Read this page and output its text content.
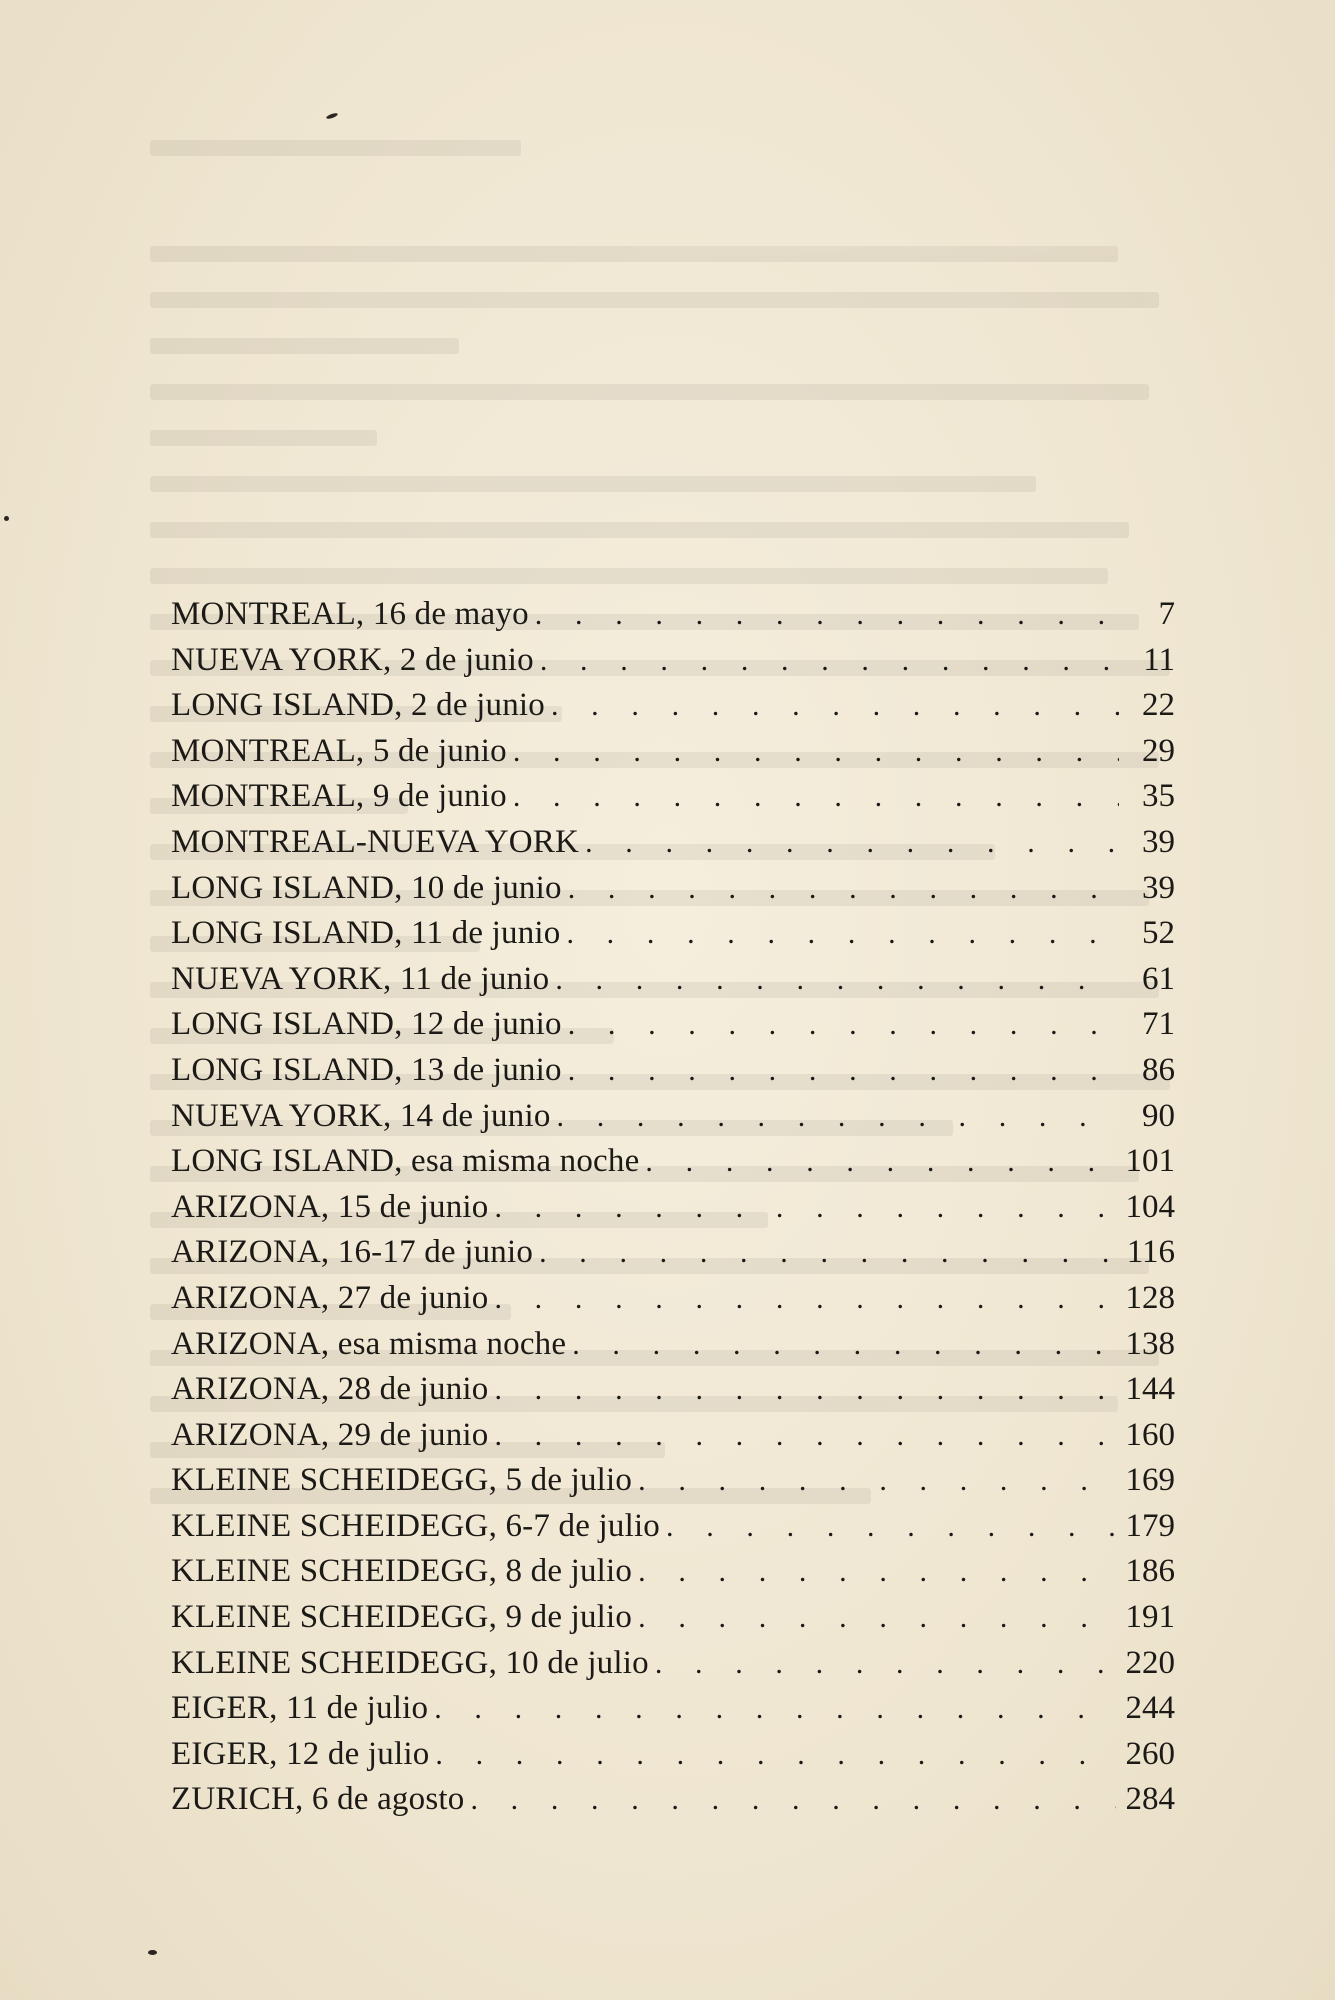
MONTREAL, 16 de mayo . . .	7
NUEVA YORK, 2 de junio . . .	11
LONG ISLAND, 2 de junio . . .	22
MONTREAL, 5 de junio . . .	29
MONTREAL, 9 de junio . . .	35
MONTREAL-NUEVA YORK . . .	39
LONG ISLAND, 10 de junio . . .	39
LONG ISLAND, 11 de junio . . .	52
NUEVA YORK, 11 de junio . . .	61
LONG ISLAND, 12 de junio . . .	71
LONG ISLAND, 13 de junio . . .	86
NUEVA YORK, 14 de junio . . .	90
LONG ISLAND, esa misma noche . . .	101
ARIZONA, 15 de junio . . .	104
ARIZONA, 16-17 de junio . . .	116
ARIZONA, 27 de junio . . .	128
ARIZONA, esa misma noche . . .	138
ARIZONA, 28 de junio . . .	144
ARIZONA, 29 de junio . . .	160
KLEINE SCHEIDEGG, 5 de julio . . .	169
KLEINE SCHEIDEGG, 6-7 de julio . . .	179
KLEINE SCHEIDEGG, 8 de julio . . .	186
KLEINE SCHEIDEGG, 9 de julio . . .	191
KLEINE SCHEIDEGG, 10 de julio . . .	220
EIGER, 11 de julio . . .	244
EIGER, 12 de julio . . .	260
ZURICH, 6 de agosto . . .	284
